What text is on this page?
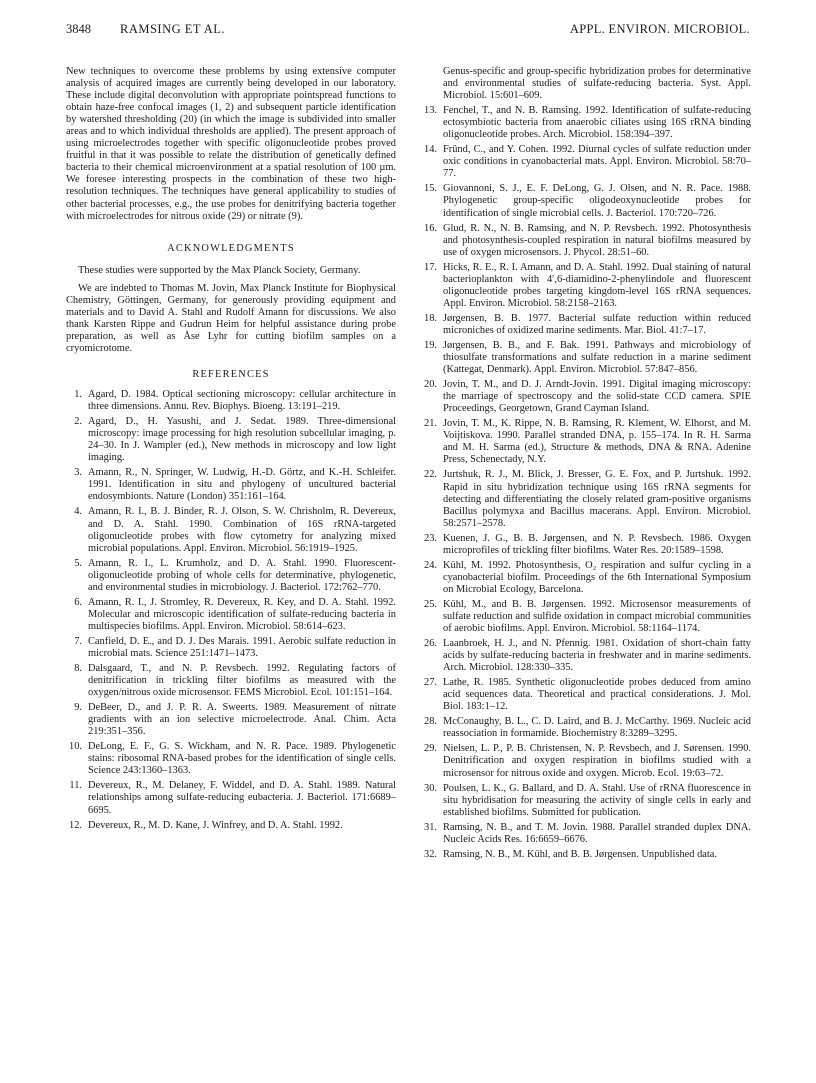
3848 RAMSING ET AL.	APPL. ENVIRON. MICROBIOL.

New techniques to overcome these problems by using extensive computer analysis of acquired images are currently being developed in our laboratory. These include digital deconvolution with appropriate pointspread functions to obtain haze-free confocal images (1, 2) and subsequent particle identification by watershed thresholding (20) (in which the image is subdivided into smaller areas and to which individual thresholds are applied). The present approach of using microelectrodes together with specific oligonucleotide probes proved fruitful in that it was possible to relate the distribution of genetically defined bacteria to their chemical microenvironment at a spatial resolution of 100 µm. We foresee interesting prospects in the combination of these two high-resolution techniques. The techniques have general applicability to studies of other bacterial processes, e.g., the use probes for denitrifying bacteria together with microelectrodes for nitrous oxide (29) or nitrate (9).

ACKNOWLEDGMENTS

These studies were supported by the Max Planck Society, Germany.

We are indebted to Thomas M. Jovin, Max Planck Institute for Biophysical Chemistry, Göttingen, Germany, for generously providing equipment and materials and to David A. Stahl and Rudolf Amann for discussions. We also thank Karsten Rippe and Gudrun Heim for helpful assistance during probe preparation, as well as Åse Lyhr for cutting biofilm samples on a cryomicrotome.

REFERENCES
1. Agard, D. 1984. Optical sectioning microscopy: cellular architecture in three dimensions. Annu. Rev. Biophys. Bioeng. 13:191–219.
2. Agard, D., H. Yasushi, and J. Sedat. 1989. Three-dimensional microscopy: image processing for high resolution subcellular imaging, p. 24–30. In J. Wampler (ed.), New methods in microscopy and low light imaging.
3. Amann, R., N. Springer, W. Ludwig, H.-D. Görtz, and K.-H. Schleifer. 1991. Identification in situ and phylogeny of uncultured bacterial endosymbionts. Nature (London) 351:161–164.
4. Amann, R. I., B. J. Binder, R. J. Olson, S. W. Chrisholm, R. Devereux, and D. A. Stahl. 1990. Combination of 16S rRNA-targeted oligonucleotide probes with flow cytometry for analyzing mixed microbial populations. Appl. Environ. Microbiol. 56:1919–1925.
5. Amann, R. I., L. Krumholz, and D. A. Stahl. 1990. Fluorescent-oligonucleotide probing of whole cells for determinative, phylogenetic, and environmental studies in microbiology. J. Bacteriol. 172:762–770.
6. Amann, R. I., J. Stromley, R. Devereux, R. Key, and D. A. Stahl. 1992. Molecular and microscopic identification of sulfate-reducing bacteria in multispecies biofilms. Appl. Environ. Microbiol. 58:614–623.
7. Canfield, D. E., and D. J. Des Marais. 1991. Aerobic sulfate reduction in microbial mats. Science 251:1471–1473.
8. Dalsgaard, T., and N. P. Revsbech. 1992. Regulating factors of denitrification in trickling filter biofilms as measured with the oxygen/nitrous oxide microsensor. FEMS Microbiol. Ecol. 101:151–164.
9. DeBeer, D., and J. P. R. A. Sweerts. 1989. Measurement of nitrate gradients with an ion selective microelectrode. Anal. Chim. Acta 219:351–356.
10. DeLong, E. F., G. S. Wickham, and N. R. Pace. 1989. Phylogenetic stains: ribosomal RNA-based probes for the identification of single cells. Science 243:1360–1363.
11. Devereux, R., M. Delaney, F. Widdel, and D. A. Stahl. 1989. Natural relationships among sulfate-reducing eubacteria. J. Bacteriol. 171:6689–6695.
12. Devereux, R., M. D. Kane, J. Winfrey, and D. A. Stahl. 1992.
Genus-specific and group-specific hybridization probes for determinative and environmental studies of sulfate-reducing bacteria. Syst. Appl. Microbiol. 15:601–609.
13. Fenchel, T., and N. B. Ramsing. 1992. Identification of sulfate-reducing ectosymbiotic bacteria from anaerobic ciliates using 16S rRNA binding oligonucleotide probes. Arch. Microbiol. 158:394–397.
14. Fründ, C., and Y. Cohen. 1992. Diurnal cycles of sulfate reduction under oxic conditions in cyanobacterial mats. Appl. Environ. Microbiol. 58:70–77.
15. Giovannoni, S. J., E. F. DeLong, G. J. Olsen, and N. R. Pace. 1988. Phylogenetic group-specific oligodeoxynucleotide probes for identification of single microbial cells. J. Bacteriol. 170:720–726.
16. Glud, R. N., N. B. Ramsing, and N. P. Revsbech. 1992. Photosynthesis and photosynthesis-coupled respiration in natural biofilms measured by use of oxygen microsensors. J. Phycol. 28:51–60.
17. Hicks, R. E., R. I. Amann, and D. A. Stahl. 1992. Dual staining of natural bacterioplankton with 4′,6-diamidino-2-phenylindole and fluorescent oligonucleotide probes targeting kingdom-level 16S rRNA sequences. Appl. Environ. Microbiol. 58:2158–2163.
18. Jørgensen, B. B. 1977. Bacterial sulfate reduction within reduced microniches of oxidized marine sediments. Mar. Biol. 41:7–17.
19. Jørgensen, B. B., and F. Bak. 1991. Pathways and microbiology of thiosulfate transformations and sulfate reduction in a marine sediment (Kattegat, Denmark). Appl. Environ. Microbiol. 57:847–856.
20. Jovin, T. M., and D. J. Arndt-Jovin. 1991. Digital imaging microscopy: the marriage of spectroscopy and the solid-state CCD camera. SPIE Proceedings, Georgetown, Grand Cayman Island.
21. Jovin, T. M., K. Rippe, N. B. Ramsing, R. Klement, W. Elhorst, and M. Voijtiskova. 1990. Parallel stranded DNA, p. 155–174. In R. H. Sarma and M. H. Sarma (ed.), Structure & methods, DNA & RNA. Adenine Press, Schenectady, N.Y.
22. Jurtshuk, R. J., M. Blick, J. Bresser, G. E. Fox, and P. Jurtshuk. 1992. Rapid in situ hybridization technique using 16S rRNA segments for detecting and differentiating the closely related gram-positive organisms Bacillus polymyxa and Bacillus macerans. Appl. Environ. Microbiol. 58:2571–2578.
23. Kuenen, J. G., B. B. Jørgensen, and N. P. Revsbech. 1986. Oxygen microprofiles of trickling filter biofilms. Water Res. 20:1589–1598.
24. Kühl, M. 1992. Photosynthesis, O₂ respiration and sulfur cycling in a cyanobacterial biofilm. Proceedings of the 6th International Symposium on Microbial Ecology, Barcelona.
25. Kühl, M., and B. B. Jørgensen. 1992. Microsensor measurements of sulfate reduction and sulfide oxidation in compact microbial communities of aerobic biofilms. Appl. Environ. Microbiol. 58:1164–1174.
26. Laanbroek, H. J., and N. Pfennig. 1981. Oxidation of short-chain fatty acids by sulfate-reducing bacteria in freshwater and in marine sediments. Arch. Microbiol. 128:330–335.
27. Lathe, R. 1985. Synthetic oligonucleotide probes deduced from amino acid sequences data. Theoretical and practical considerations. J. Mol. Biol. 183:1–12.
28. McConaughy, B. L., C. D. Laird, and B. J. McCarthy. 1969. Nucleic acid reassociation in formamide. Biochemistry 8:3289–3295.
29. Nielsen, L. P., P. B. Christensen, N. P. Revsbech, and J. Sørensen. 1990. Denitrification and oxygen respiration in biofilms studied with a microsensor for nitrous oxide and oxygen. Microb. Ecol. 19:63–72.
30. Poulsen, L. K., G. Ballard, and D. A. Stahl. Use of rRNA fluorescence in situ hybridisation for measuring the activity of single cells in early and established biofilms. Submitted for publication.
31. Ramsing, N. B., and T. M. Jovin. 1988. Parallel stranded duplex DNA. Nucleic Acids Res. 16:6659–6676.
32. Ramsing, N. B., M. Kühl, and B. B. Jørgensen. Unpublished data.
